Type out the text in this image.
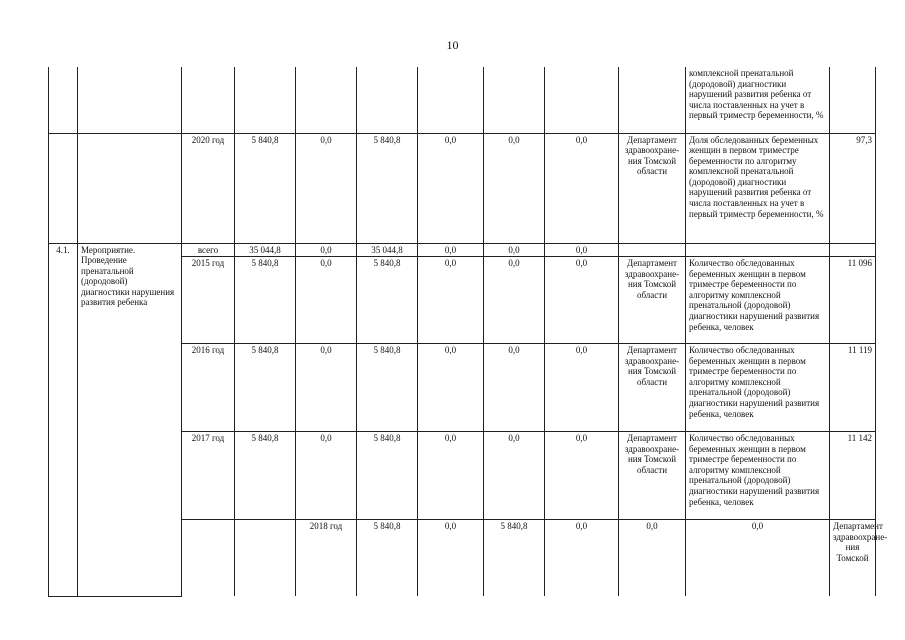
10
										комплексной пренатальной (дородовой) диагностики нарушений развития ребенка от числа поставленных на учет в первый триместр беременности, %		
		2020 год	5 840,8	0,0	5 840,8	0,0	0,0	0,0	Департамент здравоохране-ния Томской области	Доля обследованных беременных женщин в первом триместре беременности по алгоритму комплексной пренатальной (дородовой) диагностики нарушений развития ребенка от числа поставленных на учет в первый триместр беременности, %	97,3	
4.1.	Мероприятие. Проведение пренатальной (дородовой) диагностики нарушения развития ребенка	всего	35 044,8	0,0	35 044,8	0,0	0,0	0,0				
		2015 год	5 840,8	0,0	5 840,8	0,0	0,0	0,0	Департамент здравоохране-ния Томской области	Количество обследованных беременных женщин в первом триместре беременности по алгоритму комплексной пренатальной (дородовой) диагностики нарушений развития ребенка, человек	11 096	
		2016 год	5 840,8	0,0	5 840,8	0,0	0,0	0,0	Департамент здравоохране-ния Томской области	Количество обследованных беременных женщин в первом триместре беременности по алгоритму комплексной пренатальной (дородовой) диагностики нарушений развития ребенка, человек	11 119	
		2017 год	5 840,8	0,0	5 840,8	0,0	0,0	0,0	Департамент здравоохране-ния Томской области	Количество обследованных беременных женщин в первом триместре беременности по алгоритму комплексной пренатальной (дородовой) диагностики нарушений развития ребенка, человек	11 142	
				2018 год	5 840,8	0,0	5 840,8	0,0	0,0	0,0	Департамент здравоохране-ния Томской		
